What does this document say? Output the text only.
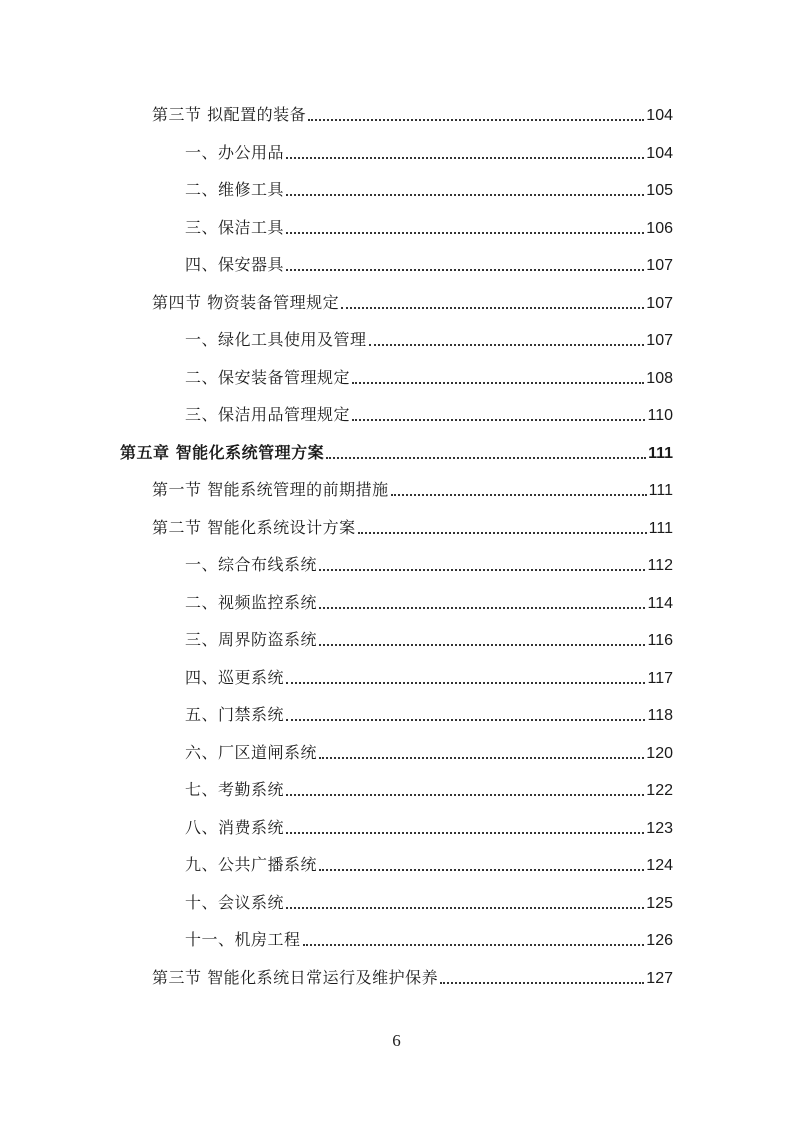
第三节 拟配置的装备	104
一、办公用品	104
二、维修工具	105
三、保洁工具	106
四、保安器具	107
第四节 物资装备管理规定	107
一、绿化工具使用及管理	107
二、保安装备管理规定	108
三、保洁用品管理规定	110
第五章 智能化系统管理方案	111
第一节 智能系统管理的前期措施	111
第二节 智能化系统设计方案	111
一、综合布线系统	112
二、视频监控系统	114
三、周界防盗系统	116
四、巡更系统	117
五、门禁系统	118
六、厂区道闸系统	120
七、考勤系统	122
八、消费系统	123
九、公共广播系统	124
十、会议系统	125
十一、机房工程	126
第三节 智能化系统日常运行及维护保养	127
6
